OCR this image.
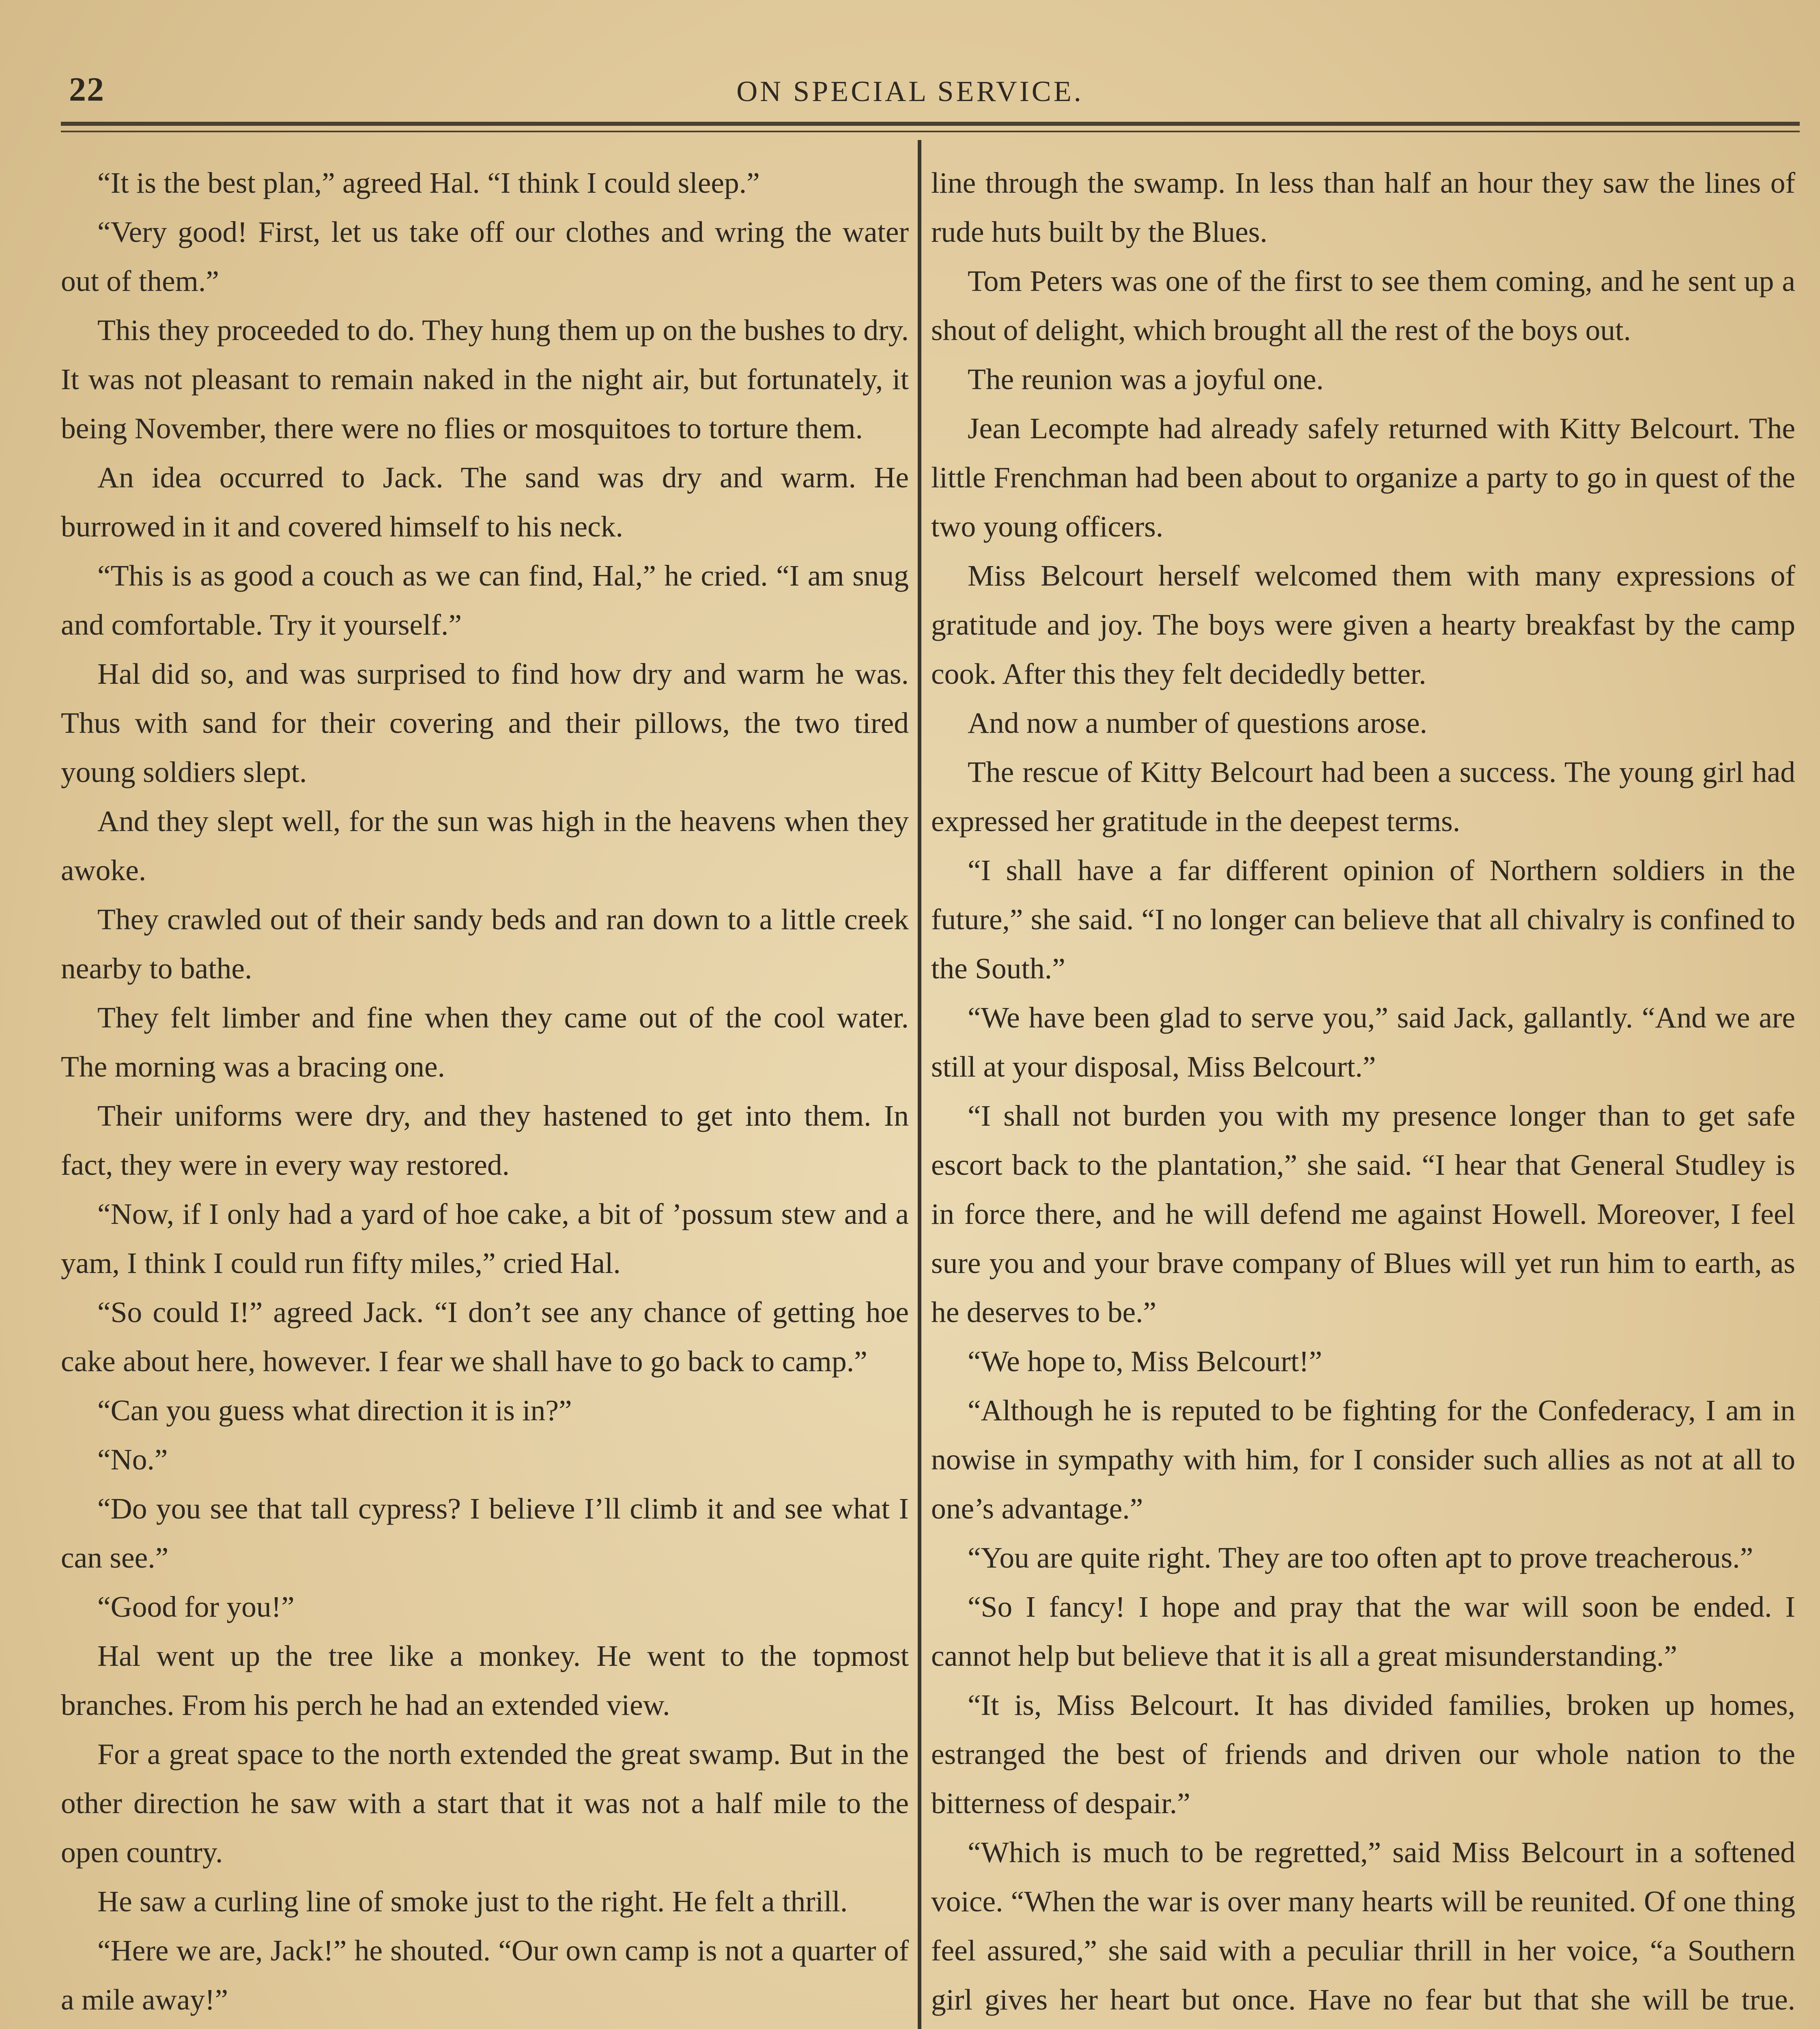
22	ON SPECIAL SERVICE.

“It is the best plan,” agreed Hal. “I think I could sleep.”

“Very good! First, let us take off our clothes and wring the water out of them.”

This they proceeded to do. They hung them up on the bushes to dry. It was not pleasant to remain naked in the night air, but fortunately, it being November, there were no flies or mosquitoes to torture them.

An idea occurred to Jack. The sand was dry and warm. He burrowed in it and covered himself to his neck.

“This is as good a couch as we can find, Hal,” he cried. “I am snug and comfortable. Try it yourself.”

Hal did so, and was surprised to find how dry and warm he was. Thus with sand for their covering and their pillows, the two tired young soldiers slept.

And they slept well, for the sun was high in the heavens when they awoke.

They crawled out of their sandy beds and ran down to a little creek nearby to bathe.

They felt limber and fine when they came out of the cool water. The morning was a bracing one.

Their uniforms were dry, and they hastened to get into them. In fact, they were in every way restored.

“Now, if I only had a yard of hoe cake, a bit of ’possum stew and a yam, I think I could run fifty miles,” cried Hal.

“So could I!” agreed Jack. “I don’t see any chance of getting hoe cake about here, however. I fear we shall have to go back to camp.”

“Can you guess what direction it is in?”

“No.”

“Do you see that tall cypress? I believe I’ll climb it and see what I can see.”

“Good for you!”

Hal went up the tree like a monkey. He went to the topmost branches. From his perch he had an extended view.

For a great space to the north extended the great swamp. But in the other direction he saw with a start that it was not a half mile to the open country.

He saw a curling line of smoke just to the right. He felt a thrill.

“Here we are, Jack!” he shouted. “Our own camp is not a quarter of a mile away!”

line through the swamp. In less than half an hour they saw the lines of rude huts built by the Blues.

Tom Peters was one of the first to see them coming, and he sent up a shout of delight, which brought all the rest of the boys out.

The reunion was a joyful one.

Jean Lecompte had already safely returned with Kitty Belcourt. The little Frenchman had been about to organize a party to go in quest of the two young officers.

Miss Belcourt herself welcomed them with many expressions of gratitude and joy. The boys were given a hearty breakfast by the camp cook. After this they felt decidedly better.

And now a number of questions arose.

The rescue of Kitty Belcourt had been a success. The young girl had expressed her gratitude in the deepest terms.

“I shall have a far different opinion of Northern soldiers in the future,” she said. “I no longer can believe that all chivalry is confined to the South.”

“We have been glad to serve you,” said Jack, gallantly. “And we are still at your disposal, Miss Belcourt.”

“I shall not burden you with my presence longer than to get safe escort back to the plantation,” she said. “I hear that General Studley is in force there, and he will defend me against Howell. Moreover, I feel sure you and your brave company of Blues will yet run him to earth, as he deserves to be.”

“We hope to, Miss Belcourt!”

“Although he is reputed to be fighting for the Confederacy, I am in nowise in sympathy with him, for I consider such allies as not at all to one’s advantage.”

“You are quite right. They are too often apt to prove treacherous.”

“So I fancy! I hope and pray that the war will soon be ended. I cannot help but believe that it is all a great misunderstanding.”

“It is, Miss Belcourt. It has divided families, broken up homes, estranged the best of friends and driven our whole nation to the bitterness of despair.”

“Which is much to be regretted,” said Miss Belcourt in a softened voice. “When the war is over many hearts will be reunited. Of one thing feel assured,” she said with a peculiar thrill in her voice, “a Southern girl gives her heart but once. Have no fear but that she will be true.
